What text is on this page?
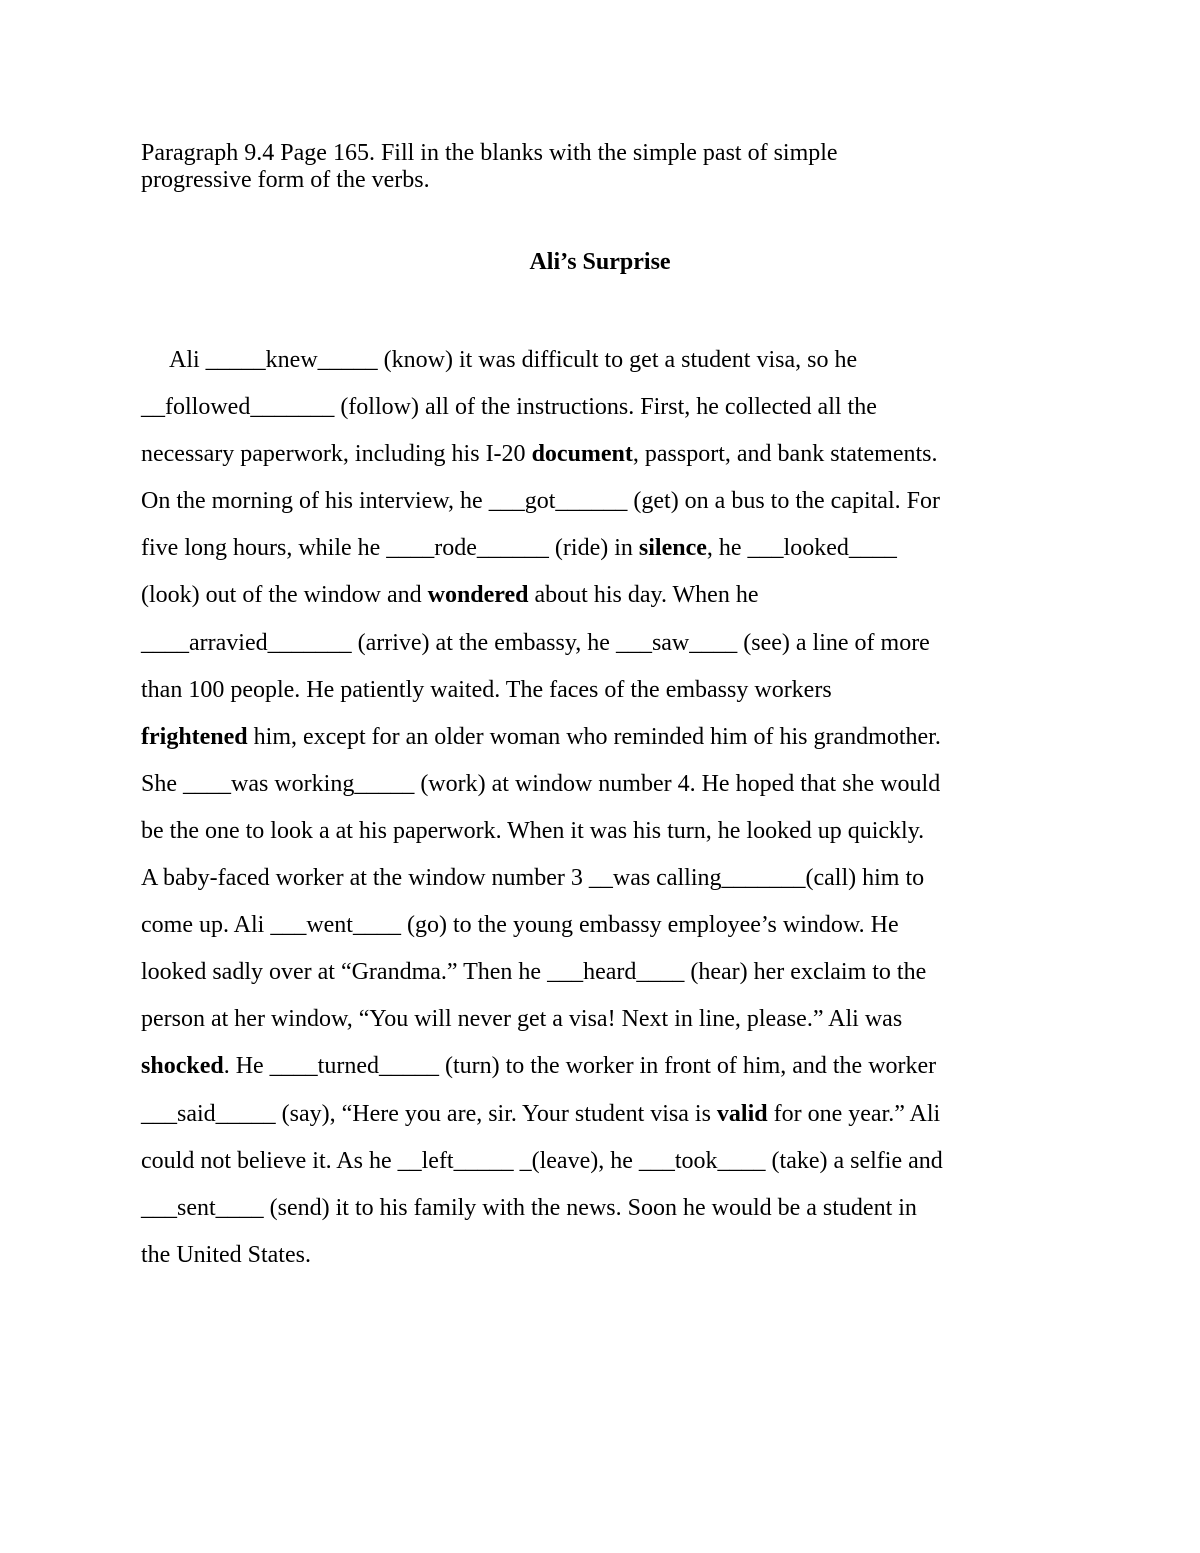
Paragraph 9.4 Page 165. Fill in the blanks with the simple past of simple
progressive form of the verbs.
Ali’s Surprise
Ali _____knew_____ (know) it was difficult to get a student visa, so he
__followed_______ (follow) all of the instructions. First, he collected all the
necessary paperwork, including his I-20 document, passport, and bank statements.
On the morning of his interview, he ___got______ (get) on a bus to the capital. For
five long hours, while he ____rode______ (ride) in silence, he ___looked____
(look) out of the window and wondered about his day. When he
____arravied_______ (arrive) at the embassy, he ___saw____ (see) a line of more
than 100 people. He patiently waited. The faces of the embassy workers
frightened him, except for an older woman who reminded him of his grandmother.
She ____was working_____ (work) at window number 4. He hoped that she would
be the one to look a at his paperwork. When it was his turn, he looked up quickly.
A baby-faced worker at the window number 3 __was calling_______(call) him to
come up. Ali ___went____ (go) to the young embassy employee’s window. He
looked sadly over at “Grandma.” Then he ___heard____ (hear) her exclaim to the
person at her window, “You will never get a visa! Next in line, please.” Ali was
shocked. He ____turned_____ (turn) to the worker in front of him, and the worker
___said_____ (say), “Here you are, sir. Your student visa is valid for one year.” Ali
could not believe it. As he __left_____ _(leave), he ___took____ (take) a selfie and
___sent____ (send) it to his family with the news. Soon he would be a student in
the United States.
